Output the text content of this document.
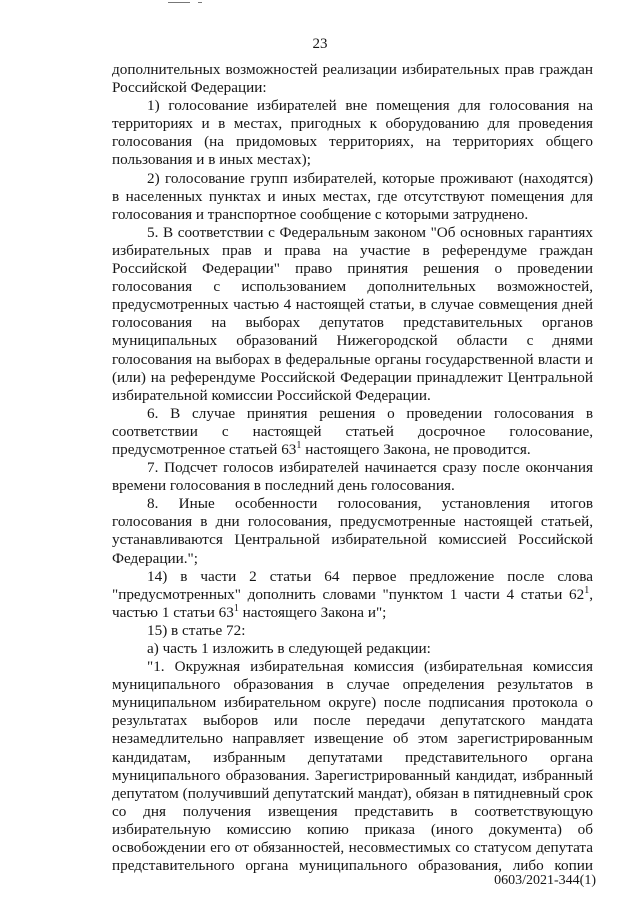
23

дополнительных возможностей реализации избирательных прав граждан Российской Федерации:

1) голосование избирателей вне помещения для голосования на территориях и в местах, пригодных к оборудованию для проведения голосования (на придомовых территориях, на территориях общего пользования и в иных местах);

2) голосование групп избирателей, которые проживают (находятся) в населенных пунктах и иных местах, где отсутствуют помещения для голосования и транспортное сообщение с которыми затруднено.

5. В соответствии с Федеральным законом "Об основных гарантиях избирательных прав и права на участие в референдуме граждан Российской Федерации" право принятия решения о проведении голосования с использованием дополнительных возможностей, предусмотренных частью 4 настоящей статьи, в случае совмещения дней голосования на выборах депутатов представительных органов муниципальных образований Нижегородской области с днями голосования на выборах в федеральные органы государственной власти и (или) на референдуме Российской Федерации принадлежит Центральной избирательной комиссии Российской Федерации.

6. В случае принятия решения о проведении голосования в соответствии с настоящей статьей досрочное голосование, предусмотренное статьей $63^1$ настоящего Закона, не проводится.

7. Подсчет голосов избирателей начинается сразу после окончания времени голосования в последний день голосования.

8. Иные особенности голосования, установления итогов голосования в дни голосования, предусмотренные настоящей статьей, устанавливаются Центральной избирательной комиссией Российской Федерации.";

14) в части 2 статьи 64 первое предложение после слова "предусмотренных" дополнить словами "пунктом 1 части 4 статьи $62^1$, частью 1 статьи $63^1$ настоящего Закона и";

15) в статье 72:

а) часть 1 изложить в следующей редакции:

"1. Окружная избирательная комиссия (избирательная комиссия муниципального образования в случае определения результатов в муниципальном избирательном округе) после подписания протокола о результатах выборов или после передачи депутатского мандата незамедлительно направляет извещение об этом зарегистрированным кандидатам, избранным депутатами представительного органа муниципального образования. Зарегистрированный кандидат, избранный депутатом (получивший депутатский мандат), обязан в пятидневный срок со дня получения извещения представить в соответствующую избирательную комиссию копию приказа (иного документа) об освобождении его от обязанностей, несовместимых со статусом депутата представительного органа муниципального образования, либо копии

0603/2021-344(1)
